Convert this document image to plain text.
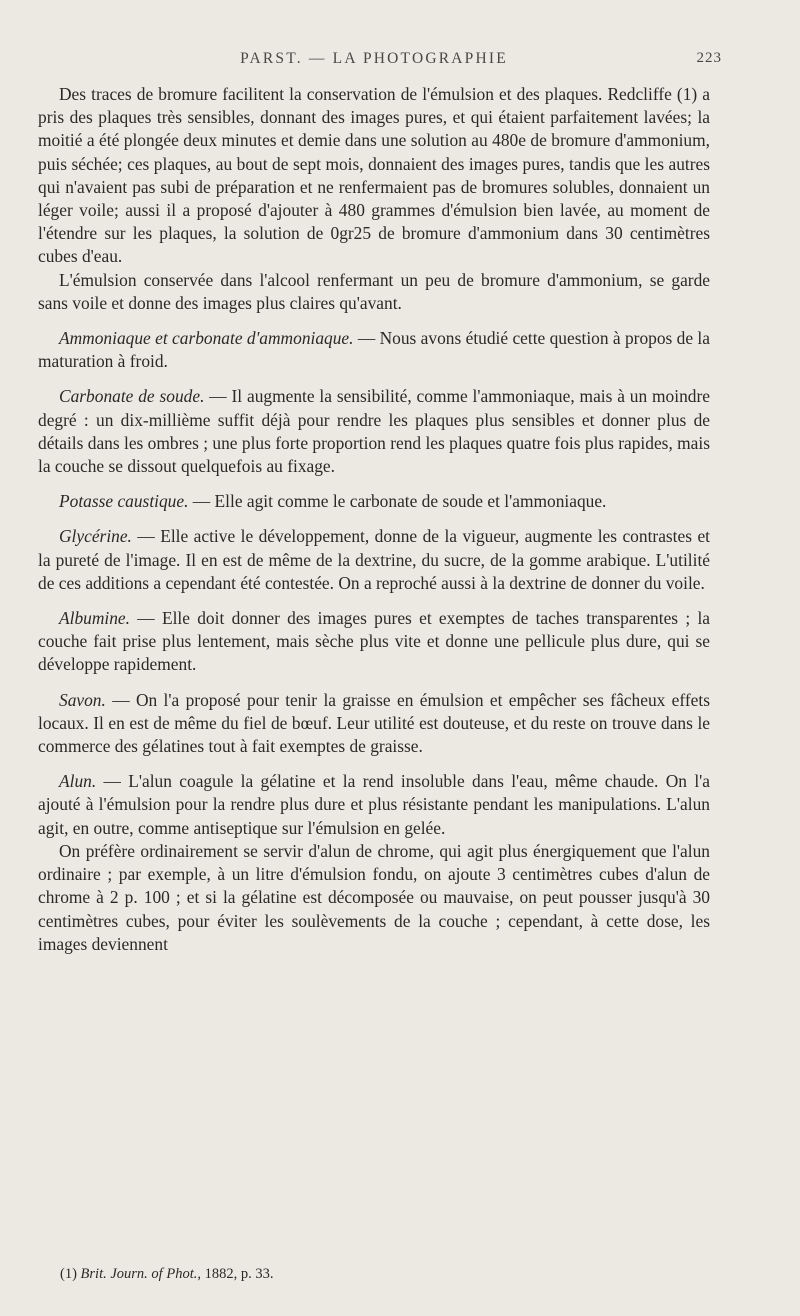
PARST. — LA PHOTOGRAPHIE	223

Des traces de bromure facilitent la conservation de l'émulsion et des plaques. Redcliffe (1) a pris des plaques très sensibles, donnant des images pures, et qui étaient parfaitement lavées; la moitié a été plongée deux minutes et demie dans une solution au 480e de bromure d'ammonium, puis séchée; ces plaques, au bout de sept mois, donnaient des images pures, tandis que les autres qui n'avaient pas subi de préparation et ne renfermaient pas de bromures solubles, donnaient un léger voile; aussi il a proposé d'ajouter à 480 grammes d'émulsion bien lavée, au moment de l'étendre sur les plaques, la solution de 0gr25 de bromure d'ammonium dans 30 centimètres cubes d'eau.

L'émulsion conservée dans l'alcool renfermant un peu de bromure d'ammonium, se garde sans voile et donne des images plus claires qu'avant.

Ammoniaque et carbonate d'ammoniaque. — Nous avons étudié cette question à propos de la maturation à froid.

Carbonate de soude. — Il augmente la sensibilité, comme l'ammoniaque, mais à un moindre degré : un dix-millième suffit déjà pour rendre les plaques plus sensibles et donner plus de détails dans les ombres ; une plus forte proportion rend les plaques quatre fois plus rapides, mais la couche se dissout quelquefois au fixage.

Potasse caustique. — Elle agit comme le carbonate de soude et l'ammoniaque.

Glycérine. — Elle active le développement, donne de la vigueur, augmente les contrastes et la pureté de l'image. Il en est de même de la dextrine, du sucre, de la gomme arabique. L'utilité de ces additions a cependant été contestée. On a reproché aussi à la dextrine de donner du voile.

Albumine. — Elle doit donner des images pures et exemptes de taches transparentes ; la couche fait prise plus lentement, mais sèche plus vite et donne une pellicule plus dure, qui se développe rapidement.

Savon. — On l'a proposé pour tenir la graisse en émulsion et empêcher ses fâcheux effets locaux. Il en est de même du fiel de bœuf. Leur utilité est douteuse, et du reste on trouve dans le commerce des gélatines tout à fait exemptes de graisse.

Alun. — L'alun coagule la gélatine et la rend insoluble dans l'eau, même chaude. On l'a ajouté à l'émulsion pour la rendre plus dure et plus résistante pendant les manipulations. L'alun agit, en outre, comme antiseptique sur l'émulsion en gelée.

On préfère ordinairement se servir d'alun de chrome, qui agit plus énergiquement que l'alun ordinaire ; par exemple, à un litre d'émulsion fondu, on ajoute 3 centimètres cubes d'alun de chrome à 2 p. 100 ; et si la gélatine est décomposée ou mauvaise, on peut pousser jusqu'à 30 centimètres cubes, pour éviter les soulèvements de la couche ; cependant, à cette dose, les images deviennent

(1) Brit. Journ. of Phot., 1882, p. 33.
